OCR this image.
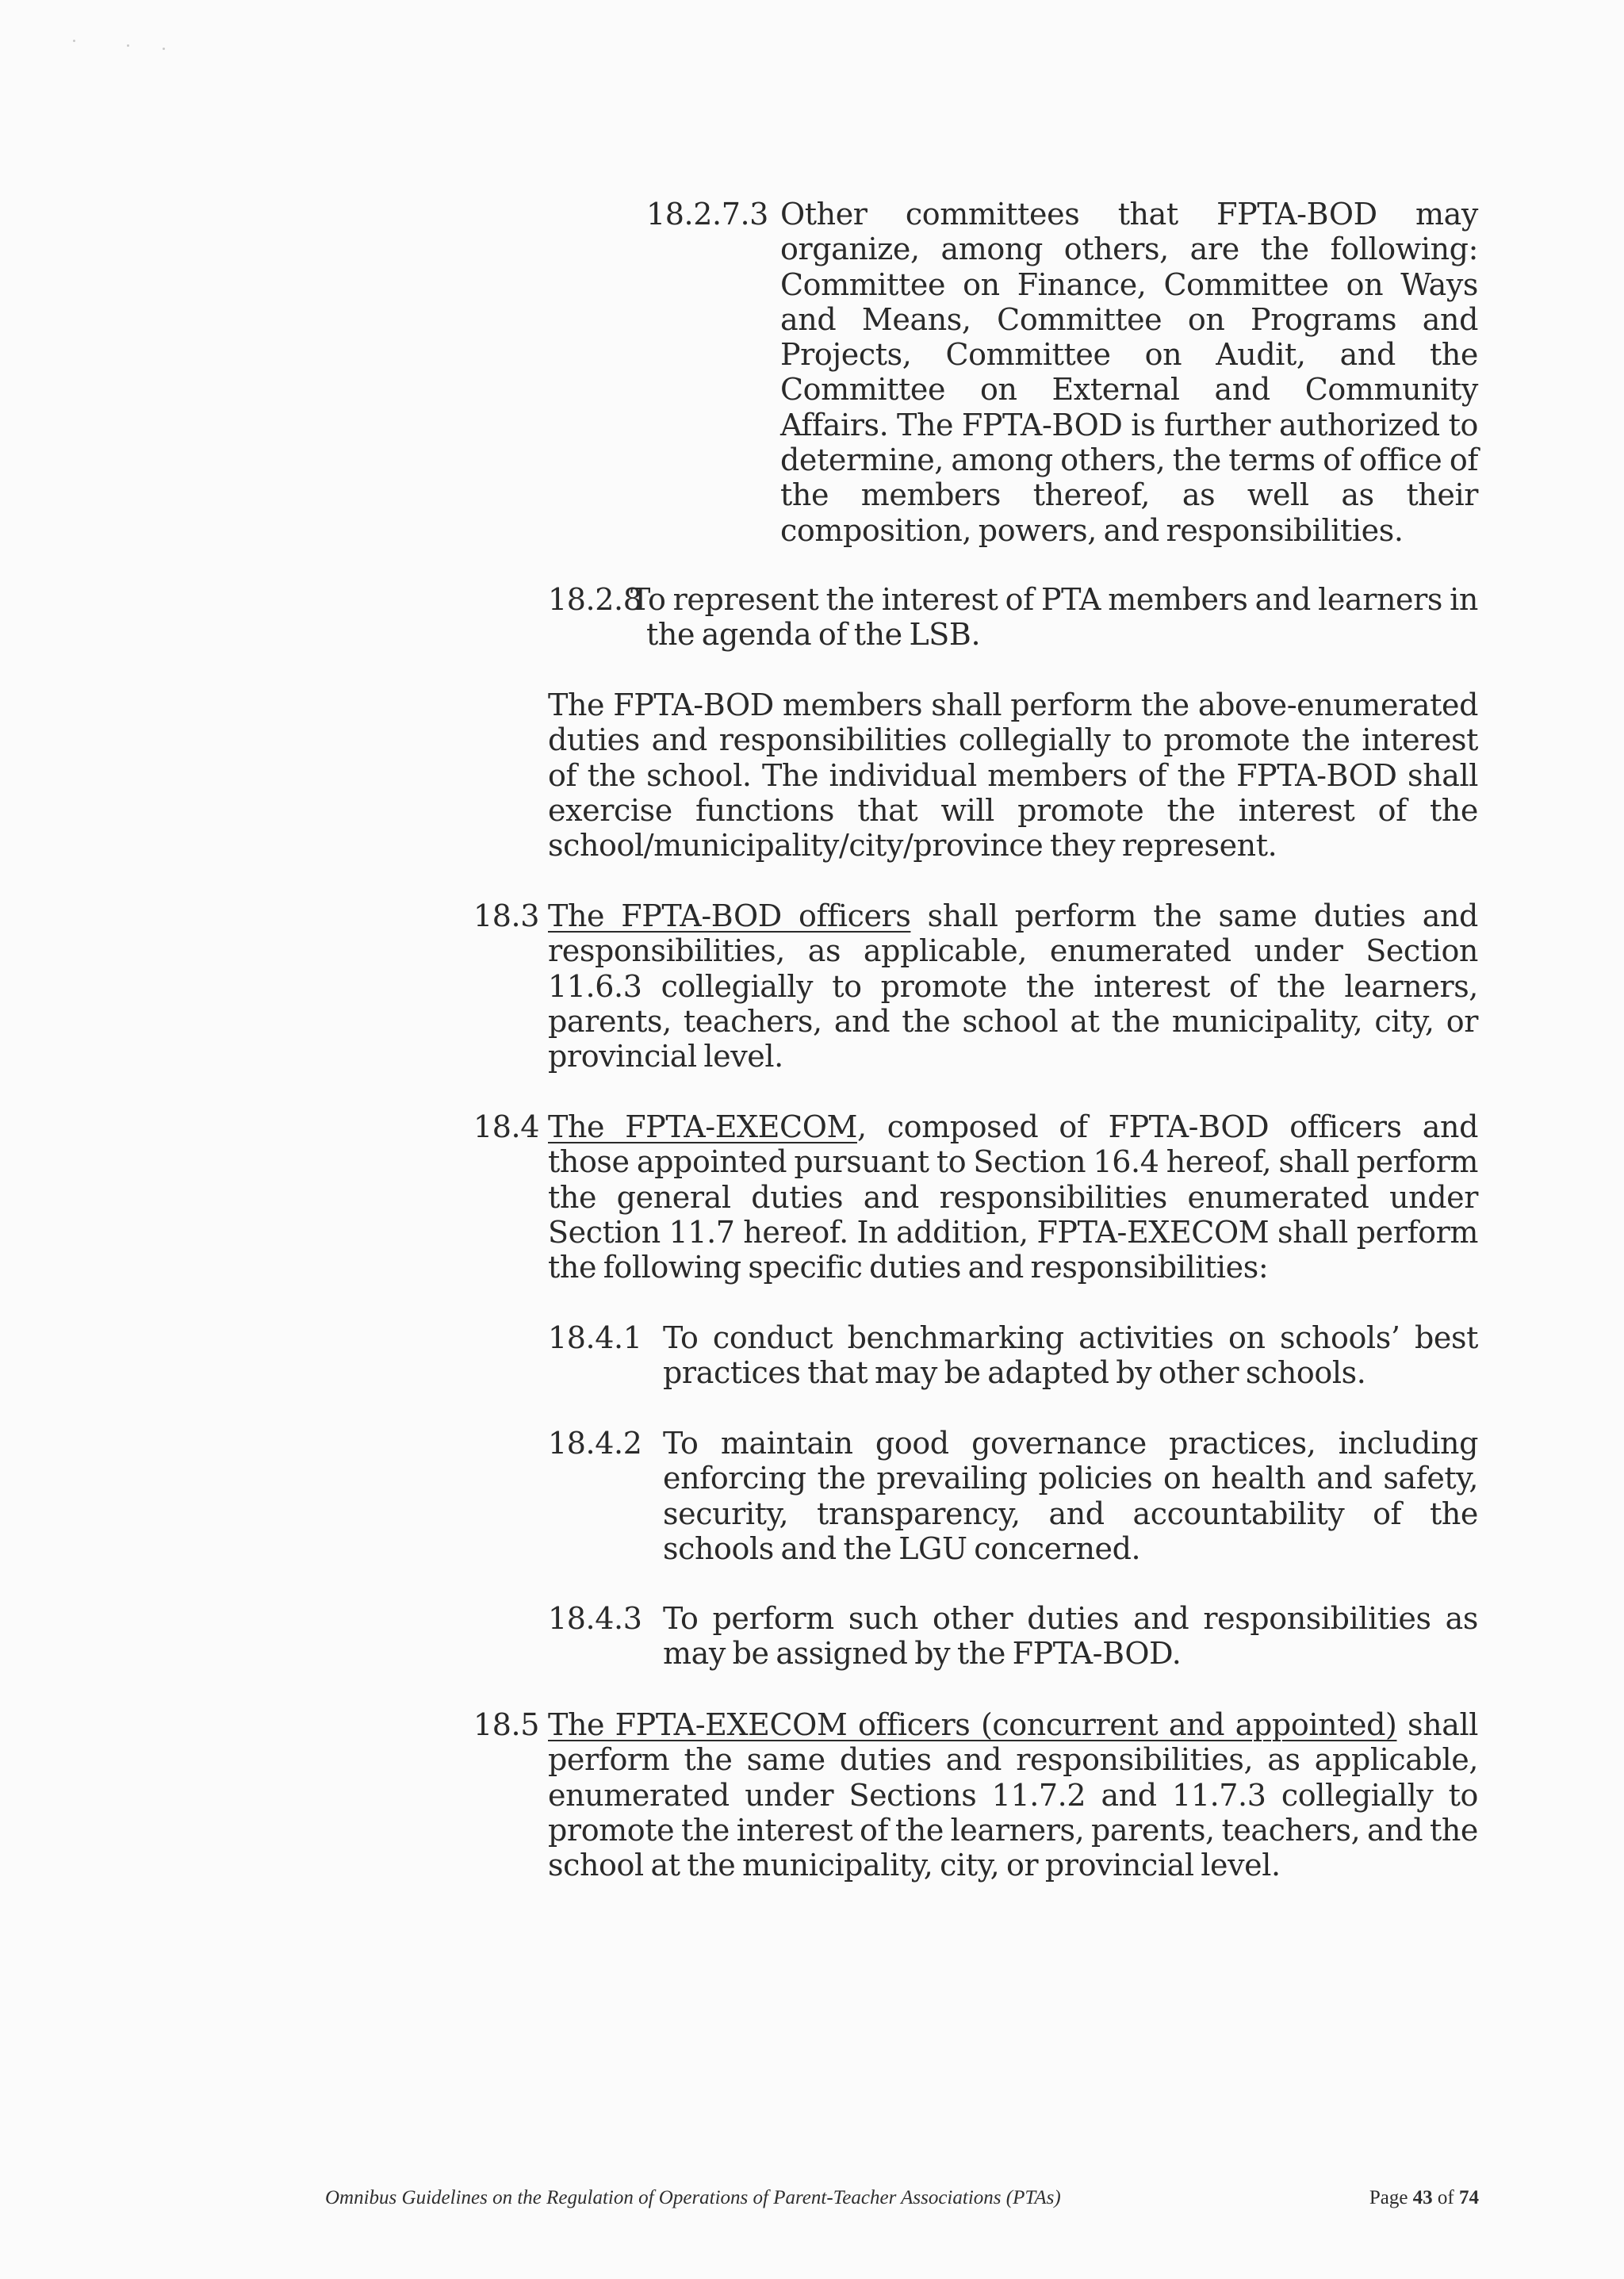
18.2.7.3 Other committees that FPTA-BOD may organize, among others, are the following: Committee on Finance, Committee on Ways and Means, Committee on Programs and Projects, Committee on Audit, and the Committee on External and Community Affairs. The FPTA-BOD is further authorized to determine, among others, the terms of office of the members thereof, as well as their composition, powers, and responsibilities.
18.2.8
To represent the interest of PTA members and learners in the agenda of the LSB.
The FPTA-BOD members shall perform the above-enumerated duties and responsibilities collegially to promote the interest of the school. The individual members of the FPTA-BOD shall exercise functions that will promote the interest of the school/municipality/city/province they represent.
18.3 The FPTA-BOD officers shall perform the same duties and responsibilities, as applicable, enumerated under Section 11.6.3 collegially to promote the interest of the learners, parents, teachers, and the school at the municipality, city, or provincial level.
18.4 The FPTA-EXECOM, composed of FPTA-BOD officers and those appointed pursuant to Section 16.4 hereof, shall perform the general duties and responsibilities enumerated under Section 11.7 hereof. In addition, FPTA-EXECOM shall perform the following specific duties and responsibilities:
18.4.1 To conduct benchmarking activities on schools’ best practices that may be adapted by other schools.
18.4.2 To maintain good governance practices, including enforcing the prevailing policies on health and safety, security, transparency, and accountability of the schools and the LGU concerned.
18.4.3 To perform such other duties and responsibilities as may be assigned by the FPTA-BOD.
18.5 The FPTA-EXECOM officers (concurrent and appointed) shall perform the same duties and responsibilities, as applicable, enumerated under Sections 11.7.2 and 11.7.3 collegially to promote the interest of the learners, parents, teachers, and the school at the municipality, city, or provincial level.
Omnibus Guidelines on the Regulation of Operations of Parent-Teacher Associations (PTAs)	Page 43 of 74
